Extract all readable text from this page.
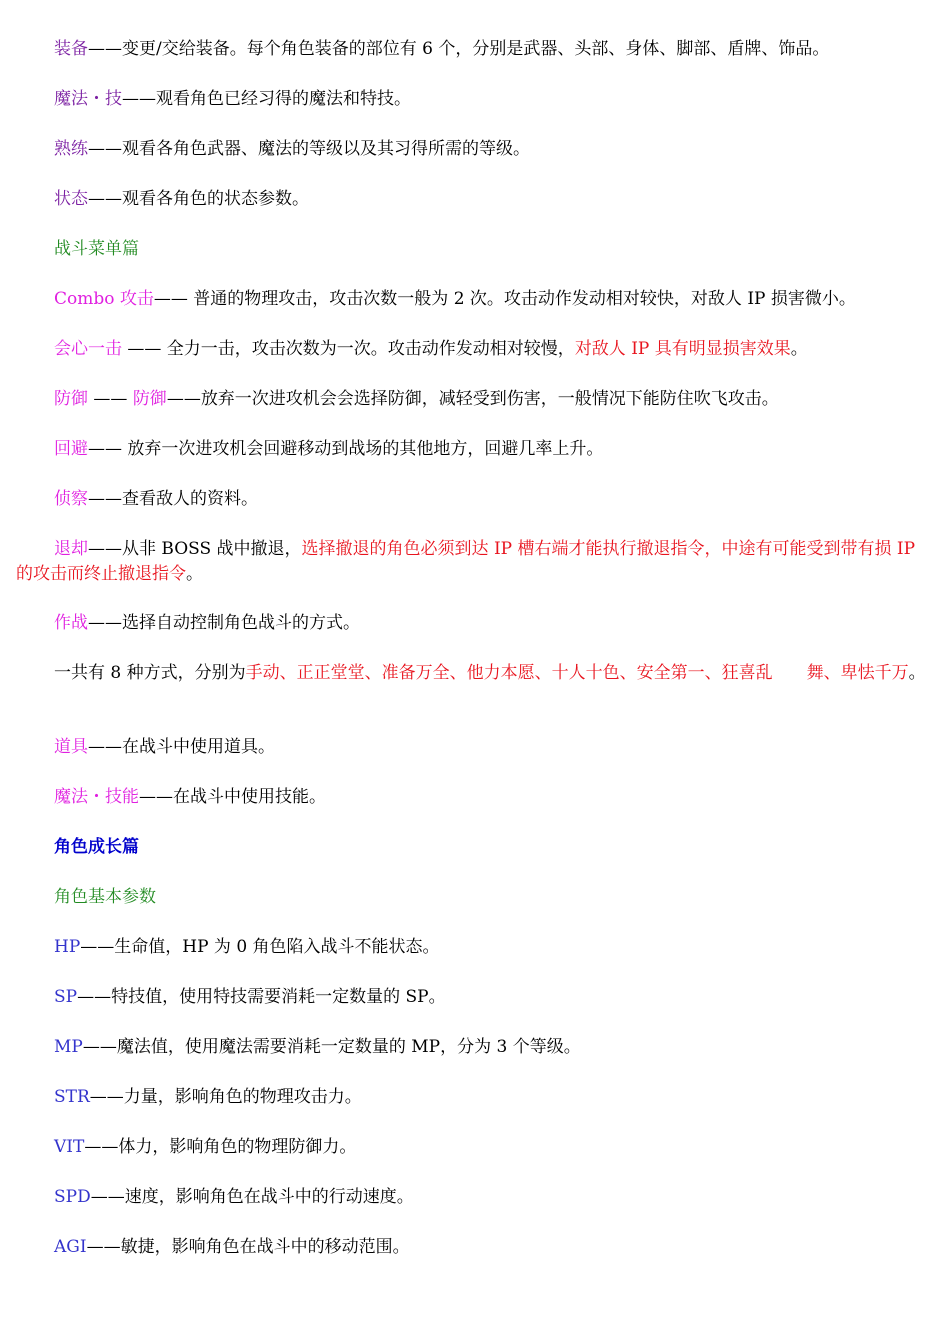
装备——变更/交给装备。每个角色装备的部位有 6 个，分别是武器、头部、身体、脚部、盾牌、饰品。
魔法・技——观看角色已经习得的魔法和特技。
熟练——观看各角色武器、魔法的等级以及其习得所需的等级。
状态——观看各角色的状态参数。
战斗菜单篇
Combo 攻击—— 普通的物理攻击，攻击次数一般为 2 次。攻击动作发动相对较快，对敌人 IP 损害微小。
会心一击 —— 全力一击，攻击次数为一次。攻击动作发动相对较慢，对敌人 IP 具有明显损害效果。
防御 —— 防御——放弃一次进攻机会会选择防御，减轻受到伤害，一般情况下能防住吹飞攻击。
回避—— 放弃一次进攻机会回避移动到战场的其他地方，回避几率上升。
侦察——查看敌人的资料。
退却——从非 BOSS 战中撤退，选择撤退的角色必须到达 IP 槽右端才能执行撤退指令，中途有可能受到带有损 IP 的攻击而终止撤退指令。
作战——选择自动控制角色战斗的方式。
一共有 8 种方式，分别为手动、正正堂堂、准备万全、他力本愿、十人十色、安全第一、狂喜乱　　舞、卑怯千万。
道具——在战斗中使用道具。
魔法・技能——在战斗中使用技能。
角色成长篇
角色基本参数
HP——生命值，HP 为 0 角色陷入战斗不能状态。
SP——特技值，使用特技需要消耗一定数量的 SP。
MP——魔法值，使用魔法需要消耗一定数量的 MP，分为 3 个等级。
STR——力量，影响角色的物理攻击力。
VIT——体力，影响角色的物理防御力。
SPD——速度，影响角色在战斗中的行动速度。
AGI——敏捷，影响角色在战斗中的移动范围。
